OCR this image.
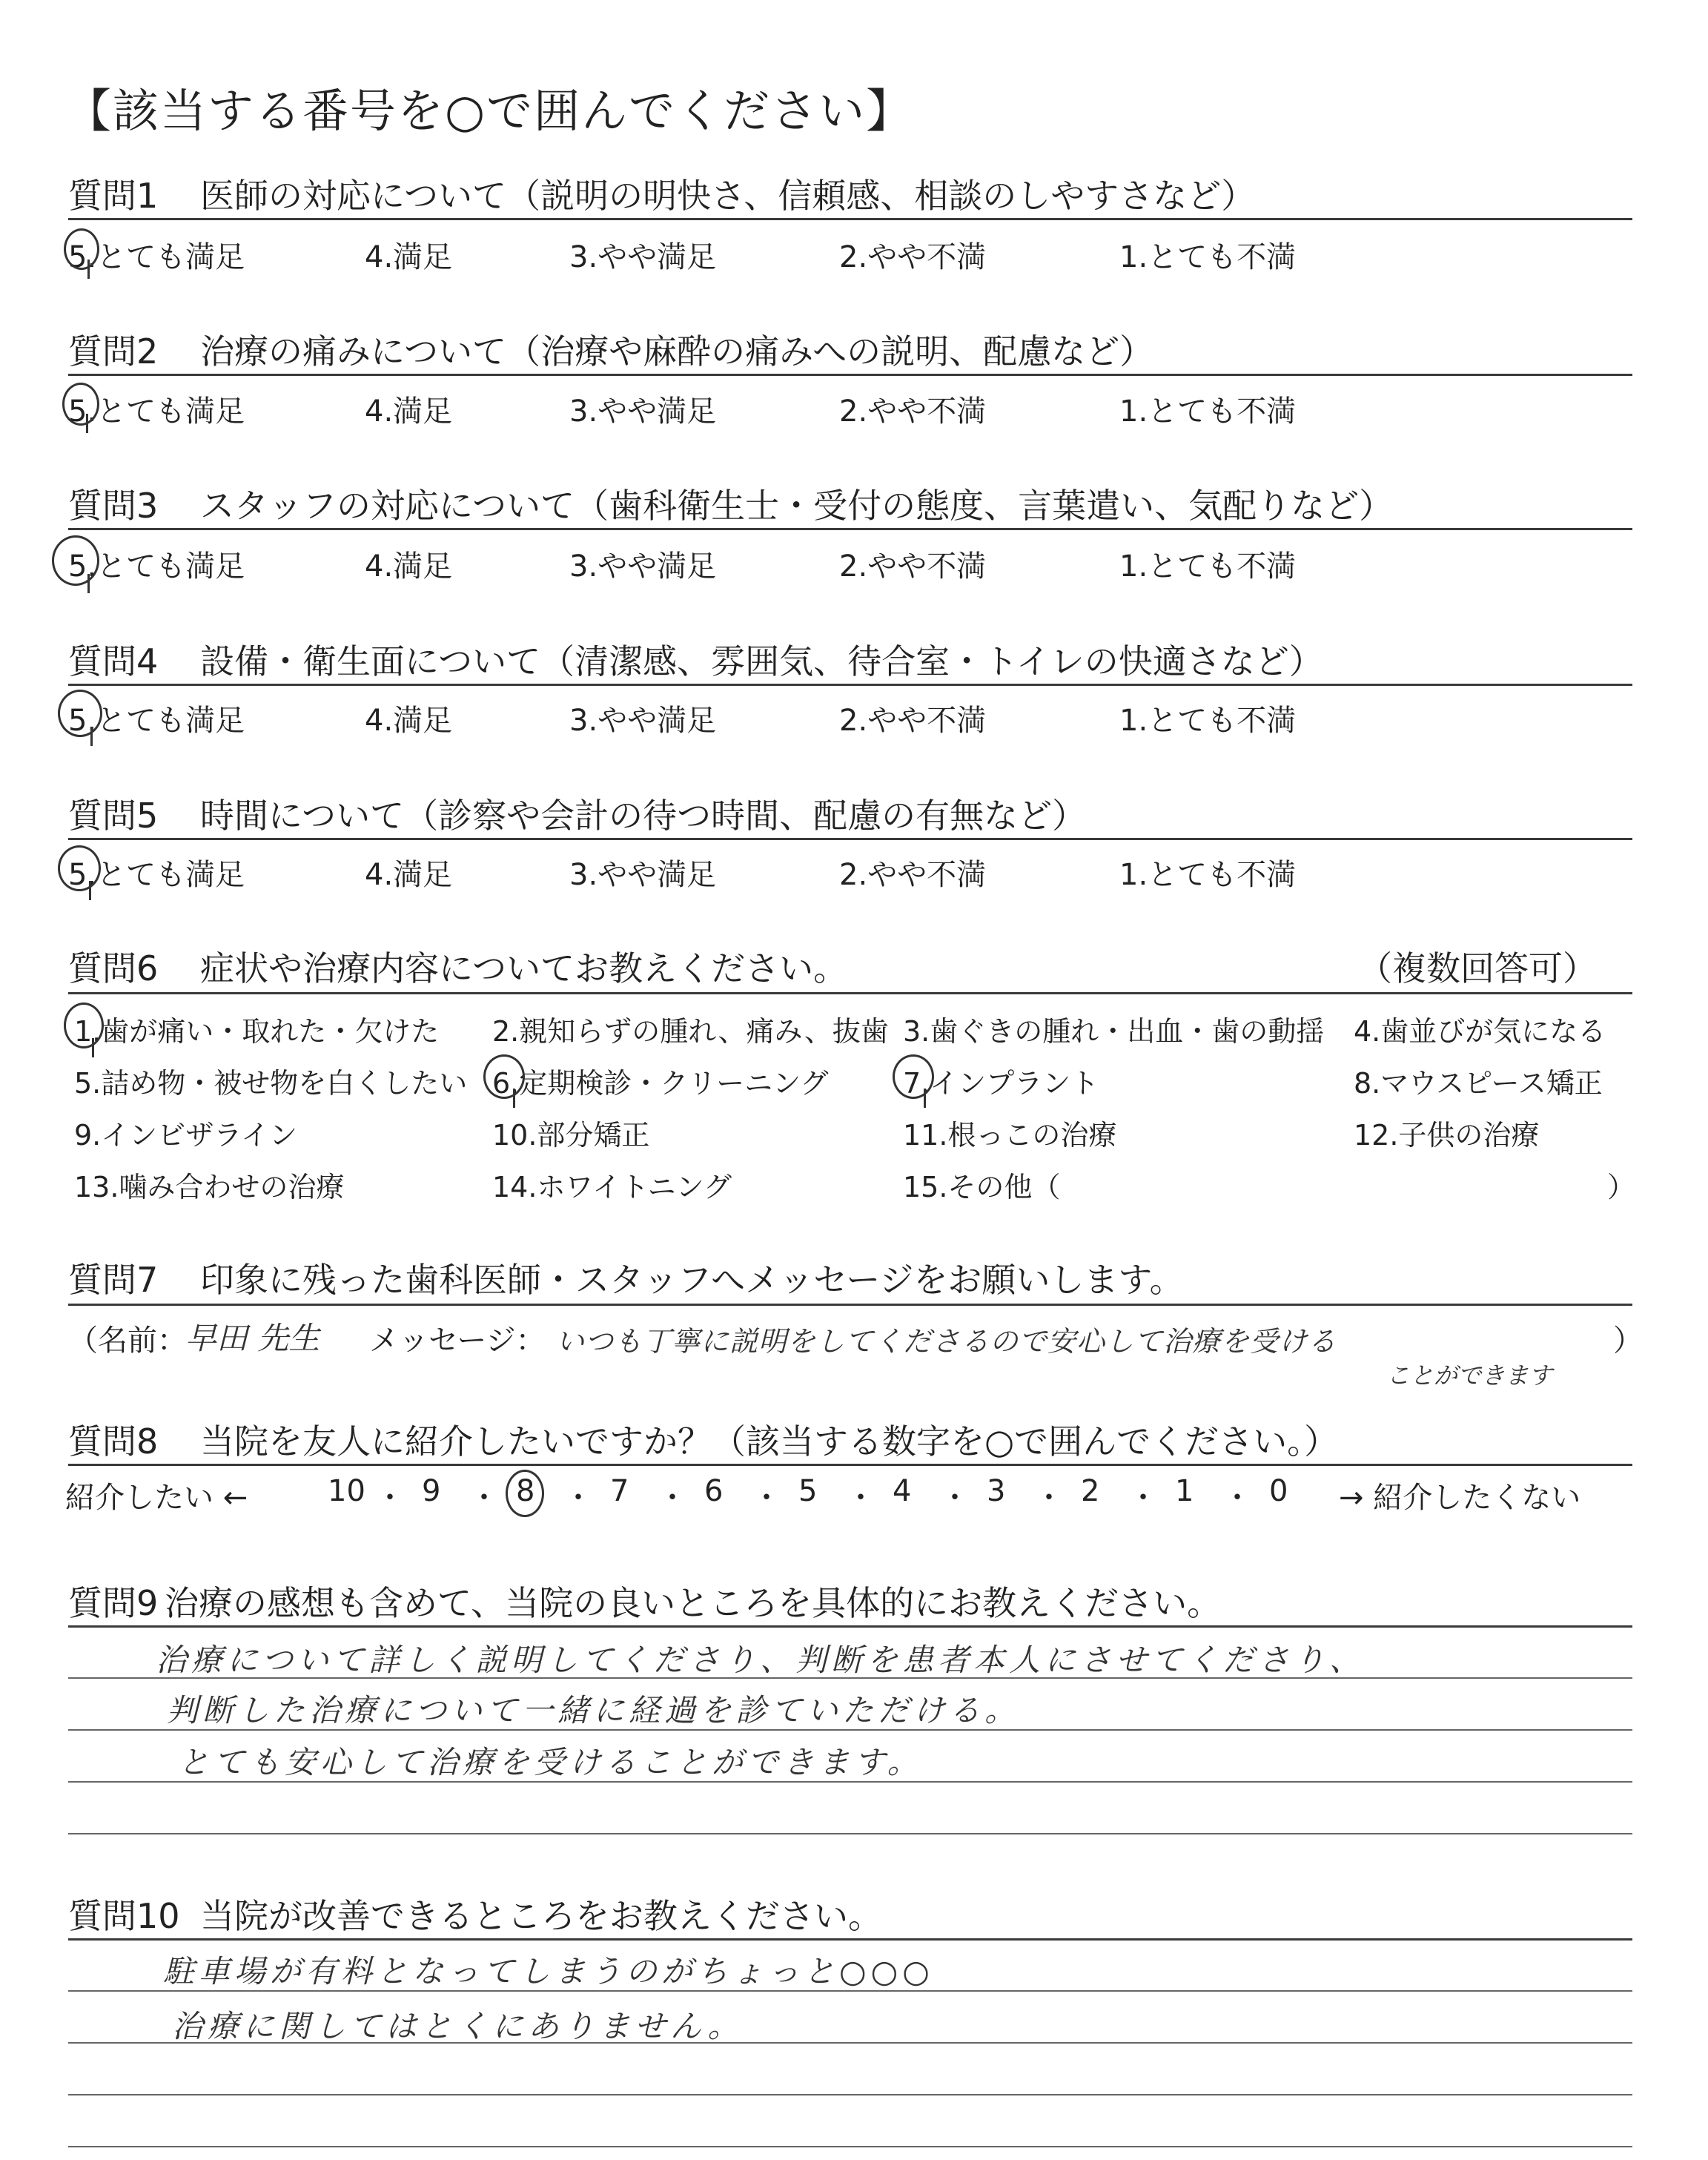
【該当する番号を○で囲んでください】
質問1 医師の対応について（説明の明快さ、信頼感、相談のしやすさなど）
5.とても満足	4.満足	3.やや満足	2.やや不満	1.とても不満
質問2 治療の痛みについて（治療や麻酔の痛みへの説明、配慮など）
5.とても満足	4.満足	3.やや満足	2.やや不満	1.とても不満
質問3 スタッフの対応について（歯科衛生士・受付の態度、言葉遣い、気配りなど）
5.とても満足	4.満足	3.やや満足	2.やや不満	1.とても不満
質問4 設備・衛生面について（清潔感、雰囲気、待合室・トイレの快適さなど）
5.とても満足	4.満足	3.やや満足	2.やや不満	1.とても不満
質問5 時間について（診察や会計の待つ時間、配慮の有無など）
5.とても満足	4.満足	3.やや満足	2.やや不満	1.とても不満
質問6 症状や治療内容についてお教えください。	（複数回答可）
1.歯が痛い・取れた・欠けた 2.親知らずの腫れ、痛み、抜歯 3.歯ぐきの腫れ・出血・歯の動揺 4.歯並びが気になる
5.詰め物・被せ物を白くしたい 6.定期検診・クリーニング	7.インプラント	8.マウスピース矯正
9.インビザライン	10.部分矯正	11.根っこの治療	12.子供の治療
13.噛み合わせの治療	14.ホワイトニング	15.その他（	）
質問7 印象に残った歯科医師・スタッフへメッセージをお願いします。
（名前：
早田 先生 メッセージ： いつも丁寧に説明をしてくださるので安心して治療を受ける	）
ことができます
質問8 当院を友人に紹介したいですか？（該当する数字を○で囲んでください。）
紹介したい ←	→ 紹介したくない
10 ・ 9 ・ 8 ・ 7 ・ 6 ・ 5 ・ 4 ・ 3 ・ 2 ・ 1 ・ 0
質問9 治療の感想も含めて、当院の良いところを具体的にお教えください。
治療について詳しく説明してくださり、判断を患者本人にさせてくださり、
判断した治療について一緒に経過を診ていただける。
とても安心して治療を受けることができます。
質問10 当院が改善できるところをお教えください。
駐車場が有料となってしまうのがちょっと○○○
治療に関してはとくにありません。
